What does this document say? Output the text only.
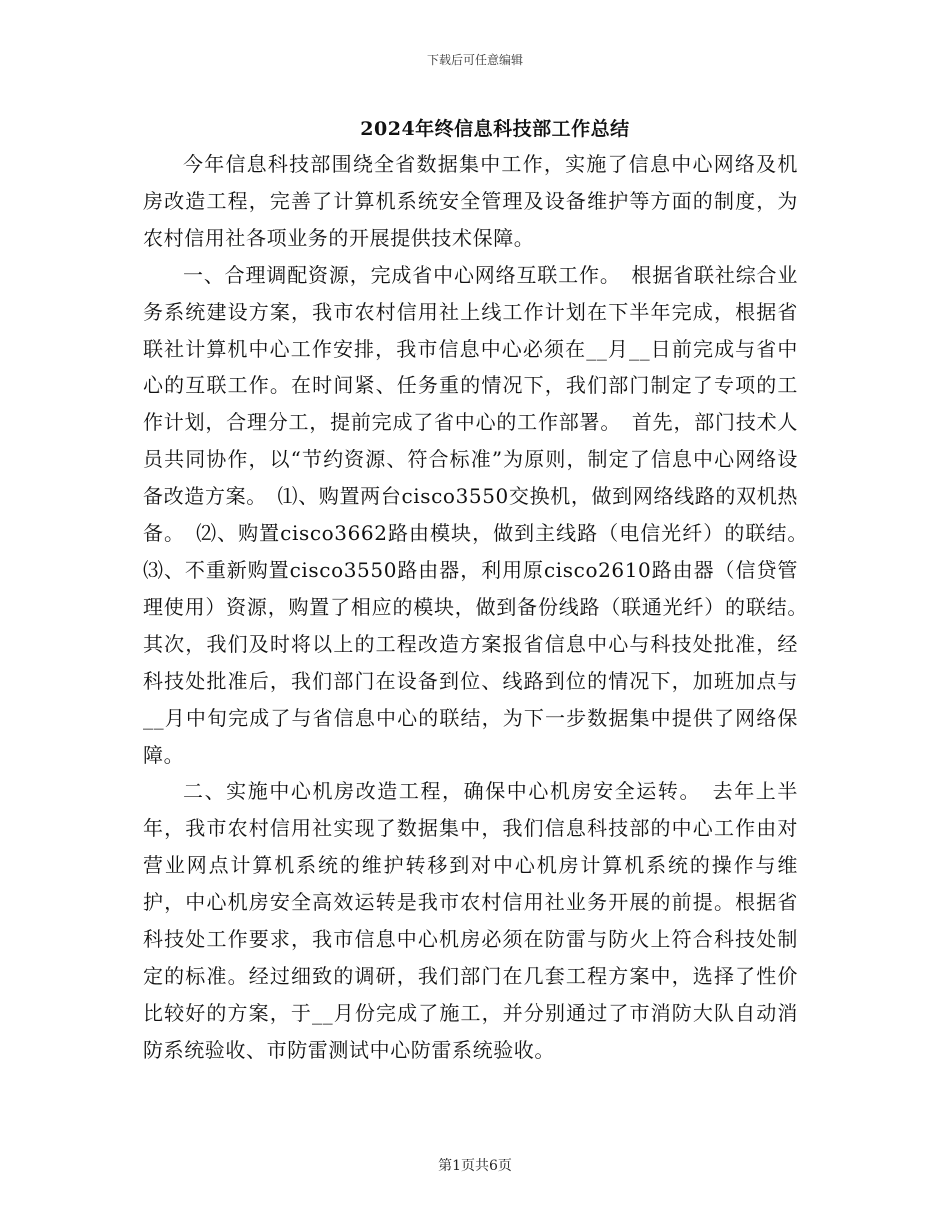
下载后可任意编辑
2024年终信息科技部工作总结

今年信息科技部围绕全省数据集中工作，实施了信息中心网络及机房改造工程，完善了计算机系统安全管理及设备维护等方面的制度，为农村信用社各项业务的开展提供技术保障。

一、合理调配资源，完成省中心网络互联工作。　根据省联社综合业务系统建设方案，我市农村信用社上线工作计划在下半年完成，根据省联社计算机中心工作安排，我市信息中心必须在__月__日前完成与省中心的互联工作。在时间紧、任务重的情况下，我们部门制定了专项的工作计划，合理分工，提前完成了省中心的工作部署。　首先，部门技术人员共同协作，以“节约资源、符合标准”为原则，制定了信息中心网络设备改造方案。　⑴、购置两台cisco3550交换机，做到网络线路的双机热备。　⑵、购置cisco3662路由模块，做到主线路（电信光纤）的联结。　⑶、不重新购置cisco3550路由器，利用原cisco2610路由器（信贷管理使用）资源，购置了相应的模块，做到备份线路（联通光纤）的联结。　其次，我们及时将以上的工程改造方案报省信息中心与科技处批准，经科技处批准后，我们部门在设备到位、线路到位的情况下，加班加点与__月中旬完成了与省信息中心的联结，为下一步数据集中提供了网络保障。

二、实施中心机房改造工程，确保中心机房安全运转。　去年上半年，我市农村信用社实现了数据集中，我们信息科技部的中心工作由对营业网点计算机系统的维护转移到对中心机房计算机系统的操作与维护，中心机房安全高效运转是我市农村信用社业务开展的前提。根据省科技处工作要求，我市信息中心机房必须在防雷与防火上符合科技处制定的标准。经过细致的调研，我们部门在几套工程方案中，选择了性价比较好的方案，于__月份完成了施工，并分别通过了市消防大队自动消防系统验收、市防雷测试中心防雷系统验收。

第1页共6页
